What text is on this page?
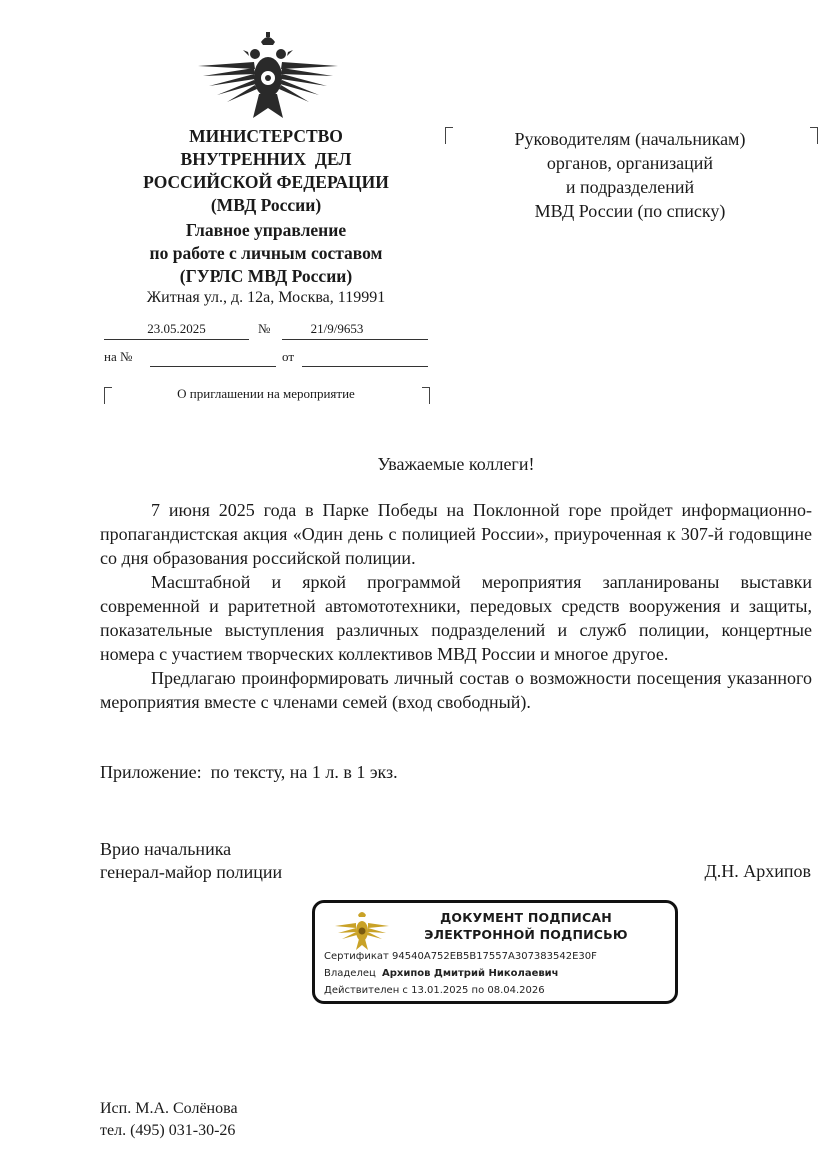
МИНИСТЕРСТВО
ВНУТРЕННИХ  ДЕЛ
РОССИЙСКОЙ ФЕДЕРАЦИИ
(МВД России)
Главное управление
по работе с личным составом
(ГУРЛС МВД России)
Житная ул., д. 12а, Москва, 119991
23.05.2025	№	21/9/9653
на №	от
О приглашении на мероприятие
Руководителям (начальникам)
органов, организаций
и подразделений
МВД России (по списку)
Уважаемые коллеги!

7 июня 2025 года в Парке Победы на Поклонной горе пройдет информационно-пропагандистская акция «Один день с полицией России», приуроченная к 307-й годовщине со дня образования российской полиции.

Масштабной и яркой программой мероприятия запланированы выставки современной и раритетной автомототехники, передовых средств вооружения и защиты, показательные выступления различных подразделений и служб полиции, концертные номера с участием творческих коллективов МВД России и многое другое.

Предлагаю проинформировать личный состав о возможности посещения указанного мероприятия вместе с членами семей (вход свободный).

Приложение:  по тексту, на 1 л. в 1 экз.
Врио начальника
генерал-майор полиции	Д.Н. Архипов
ДОКУМЕНТ ПОДПИСАН
ЭЛЕКТРОННОЙ ПОДПИСЬЮ
Сертификат 94540A752EB5B17557A307383542E30F
Владелец Архипов Дмитрий Николаевич
Действителен с 13.01.2025 по 08.04.2026
Исп. М.А. Солёнова
тел. (495) 031-30-26
